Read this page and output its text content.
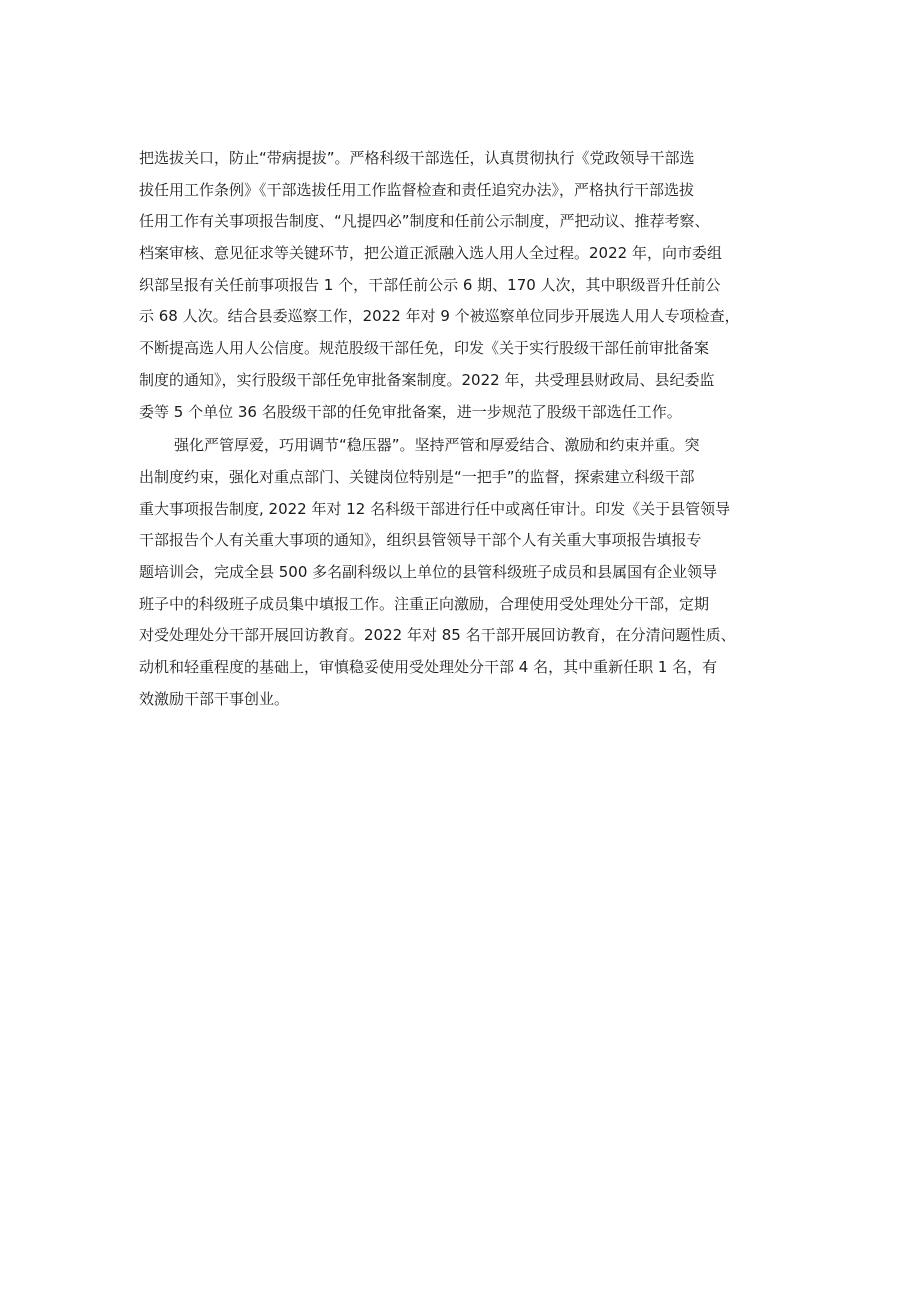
把选拔关口，防止“带病提拔”。严格科级干部选任，认真贯彻执行《党政领导干部选
拔任用工作条例》《干部选拔任用工作监督检查和责任追究办法》，严格执行干部选拔
任用工作有关事项报告制度、“凡提四必”制度和任前公示制度，严把动议、推荐考察、
档案审核、意见征求等关键环节，把公道正派融入选人用人全过程。2022 年，向市委组
织部呈报有关任前事项报告 1 个，干部任前公示 6 期、170 人次，其中职级晋升任前公
示 68 人次。结合县委巡察工作，2022 年对 9 个被巡察单位同步开展选人用人专项检查，
不断提高选人用人公信度。规范股级干部任免，印发《关于实行股级干部任前审批备案
制度的通知》，实行股级干部任免审批备案制度。2022 年，共受理县财政局、县纪委监
委等 5 个单位 36 名股级干部的任免审批备案，进一步规范了股级干部选任工作。
强化严管厚爱，巧用调节“稳压器”。坚持严管和厚爱结合、激励和约束并重。突
出制度约束，强化对重点部门、关键岗位特别是“一把手”的监督，探索建立科级干部
重大事项报告制度, 2022 年对 12 名科级干部进行任中或离任审计。印发《关于县管领导
干部报告个人有关重大事项的通知》，组织县管领导干部个人有关重大事项报告填报专
题培训会，完成全县 500 多名副科级以上单位的县管科级班子成员和县属国有企业领导
班子中的科级班子成员集中填报工作。注重正向激励，合理使用受处理处分干部，定期
对受处理处分干部开展回访教育。2022 年对 85 名干部开展回访教育，在分清问题性质、
动机和轻重程度的基础上，审慎稳妥使用受处理处分干部 4 名，其中重新任职 1 名，有
效激励干部干事创业。
